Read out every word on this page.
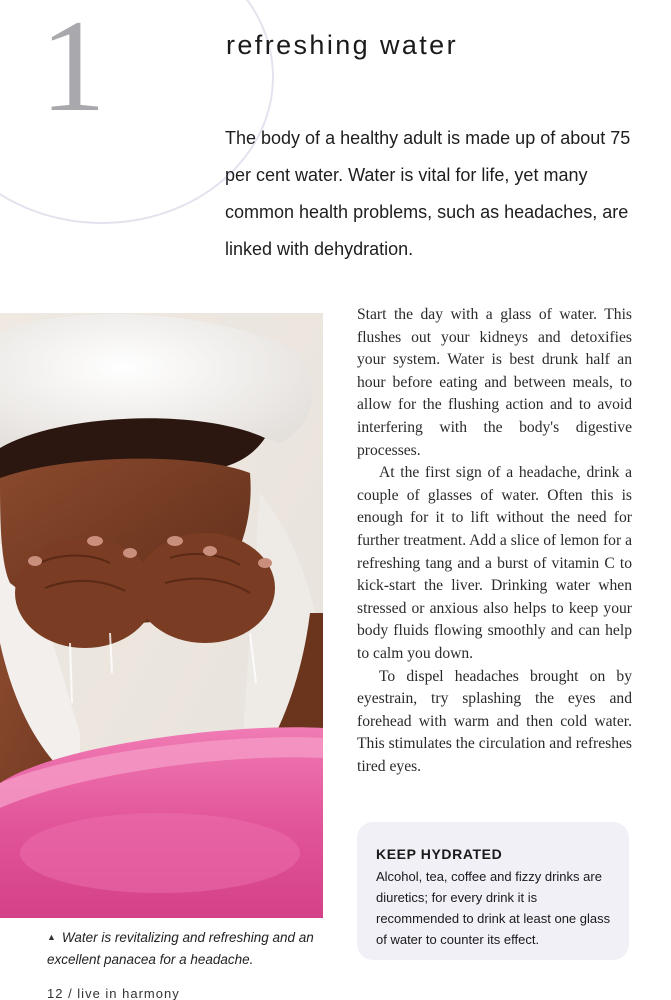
1	refreshing water
The body of a healthy adult is made up of about 75 per cent water. Water is vital for life, yet many common health problems, such as headaches, are linked with dehydration.
▲ Water is revitalizing and refreshing and an excellent panacea for a headache.

Start the day with a glass of water. This flushes out your kidneys and detoxifies your system. Water is best drunk half an hour before eating and between meals, to allow for the flushing action and to avoid interfering with the body's digestive processes.

At the first sign of a headache, drink a couple of glasses of water. Often this is enough for it to lift without the need for further treatment. Add a slice of lemon for a refreshing tang and a burst of vitamin C to kick-start the liver. Drinking water when stressed or anxious also helps to keep your body fluids flowing smoothly and can help to calm you down.

To dispel headaches brought on by eyestrain, try splashing the eyes and forehead with warm and then cold water. This stimulates the circulation and refreshes tired eyes.

KEEP HYDRATED
Alcohol, tea, coffee and fizzy drinks are diuretics; for every drink it is recommended to drink at least one glass of water to counter its effect.
12 / live in harmony
